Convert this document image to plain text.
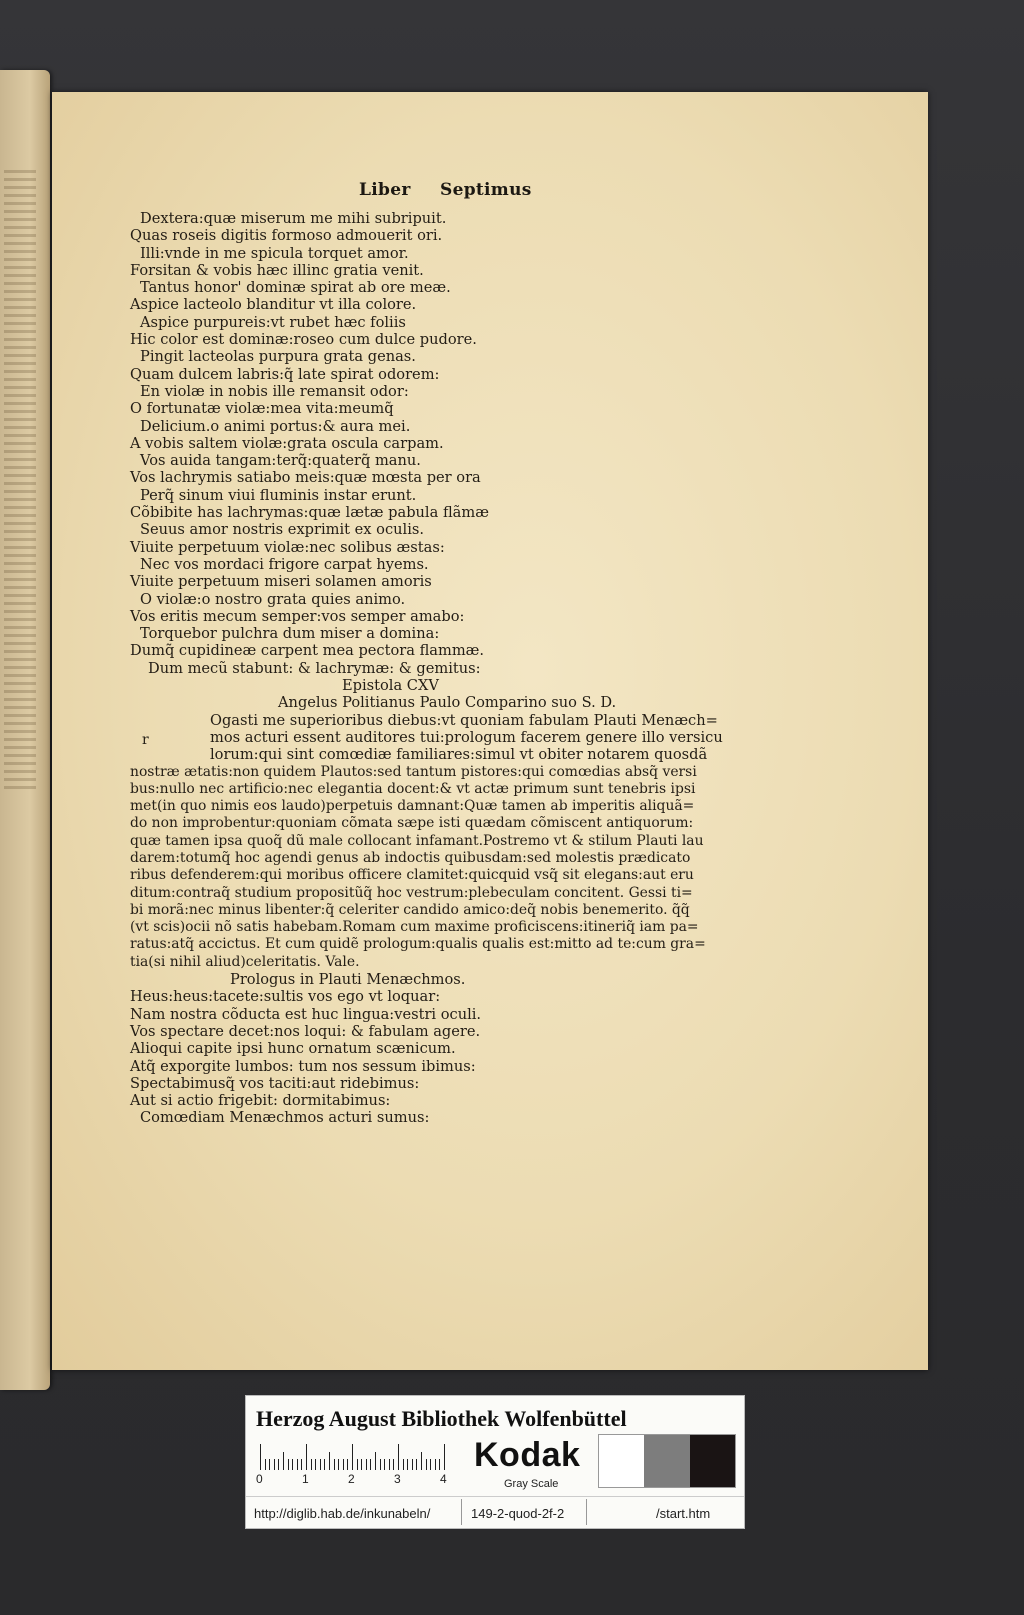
Liber Septimus
Dextera:quæ miserum me mihi subripuit.
Quas roseis digitis formoso admouerit ori.
Illi:vnde in me spicula torquet amor.
Forsitan & vobis hæc illinc gratia venit.
Tantus honor' dominæ spirat ab ore meæ.
Aspice lacteolo blanditur vt illa colore.
Aspice purpureis:vt rubet hæc foliis
Hic color est dominæ:roseo cum dulce pudore.
Pingit lacteolas purpura grata genas.
Quam dulcem labris:q̃ late spirat odorem:
En violæ in nobis ille remansit odor:
O fortunatæ violæ:mea vita:meumq̃
Delicium.o animi portus:& aura mei.
A vobis saltem violæ:grata oscula carpam.
Vos auida tangam:terq̃:quaterq̃ manu.
Vos lachrymis satiabo meis:quæ mœsta per ora
Perq̃ sinum viui fluminis instar erunt.
Cõbibite has lachrymas:quæ lætæ pabula flãmæ
Seuus amor nostris exprimit ex oculis.
Viuite perpetuum violæ:nec solibus æstas:
Nec vos mordaci frigore carpat hyems.
Viuite perpetuum miseri solamen amoris
O violæ:o nostro grata quies animo.
Vos eritis mecum semper:vos semper amabo:
Torquebor pulchra dum miser a domina:
Dumq̃ cupidineæ carpent mea pectora flammæ.
Dum mecũ stabunt: & lachrymæ: & gemitus:
Epistola CXV
Angelus Politianus Paulo Comparino suo S. D.
Ogasti me superioribus diebus:vt quoniam fabulam Plauti Menæch=
mos acturi essent auditores tui:prologum facerem genere illo versicu
lorum:qui sint comœdiæ familiares:simul vt obiter notarem quosdã
nostræ ætatis:non quidem Plautos:sed tantum pistores:qui comœdias absq̃ versi
bus:nullo nec artificio:nec elegantia docent:& vt actæ primum sunt tenebris ipsi
met(in quo nimis eos laudo)perpetuis damnant:Quæ tamen ab imperitis aliquã=
do non improbentur:quoniam cõmata sæpe isti quædam cõmiscent antiquorum:
quæ tamen ipsa quoq̃ dũ male collocant infamant.Postremo vt & stilum Plauti lau
darem:totumq̃ hoc agendi genus ab indoctis quibusdam:sed molestis prædicato
ribus defenderem:qui moribus officere clamitet:quicquid vsq̃ sit elegans:aut eru
ditum:contraq̃ studium propositũq̃ hoc vestrum:plebeculam concitent. Gessi ti=
bi morã:nec minus libenter:q̃ celeriter candido amico:deq̃ nobis benemerito. q̃q̃
(vt scis)ocii nõ satis habebam.Romam cum maxime proficiscens:itineriq̃ iam pa=
ratus:atq̃ accictus. Et cum quidẽ prologum:qualis qualis est:mitto ad te:cum gra=
tia(si nihil aliud)celeritatis. Vale.
Prologus in Plauti Menæchmos.
Heus:heus:tacete:sultis vos ego vt loquar:
Nam nostra cõducta est huc lingua:vestri oculi.
Vos spectare decet:nos loqui: & fabulam agere.
Alioqui capite ipsi hunc ornatum scænicum.
Atq̃ exporgite lumbos: tum nos sessum ibimus:
Spectabimusq̃ vos taciti:aut ridebimus:
Aut si actio frigebit: dormitabimus:
Comœdiam Menæchmos acturi sumus:
r
Herzog August Bibliothek Wolfenbüttel
0	1	2	3	4
Kodak
Gray Scale
http://diglib.hab.de/inkunabeln/	149-2-quod-2f-2	/start.htm
